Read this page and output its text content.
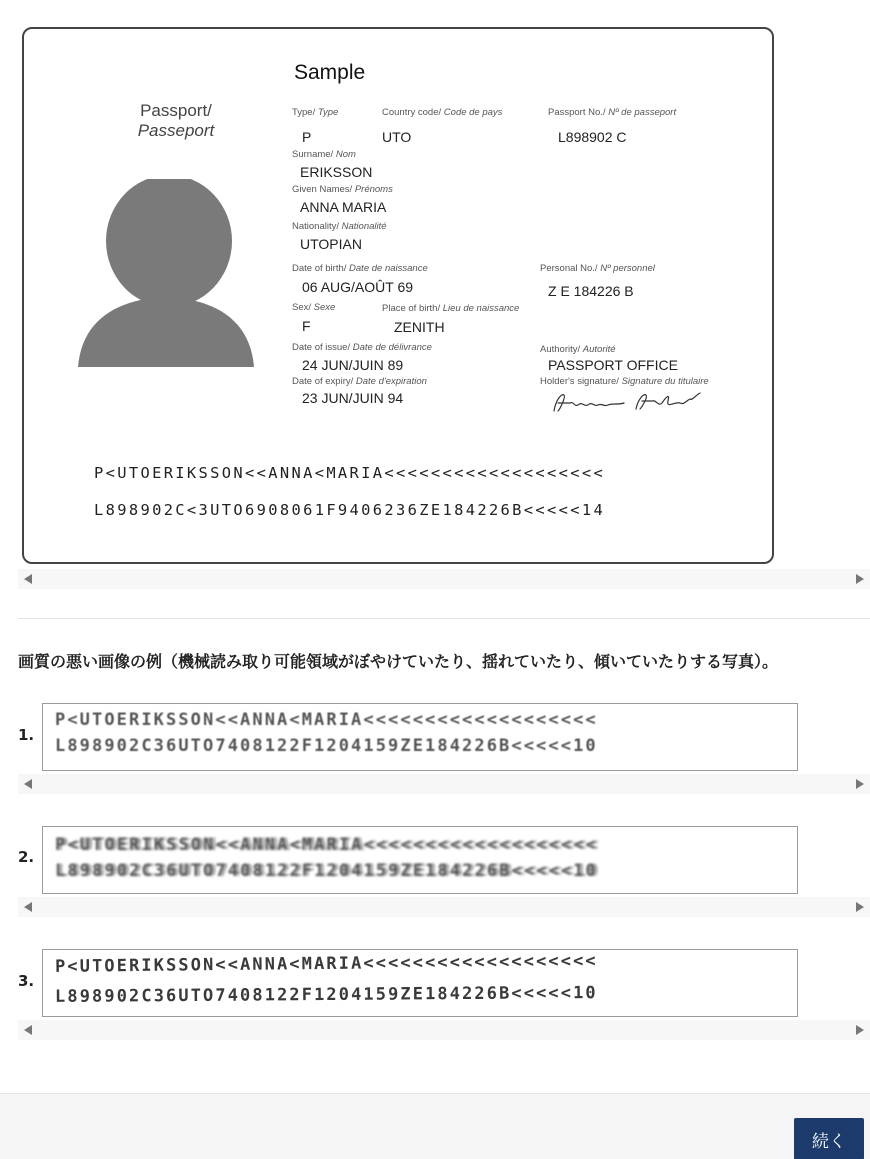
Sample
Passport/
Passeport
Type/ Type
P
Country code/ Code de pays
UTO
Passport No./ Nº de passeport
L898902 C
Surname/ Nom
ERIKSSON
Given Names/ Prénoms
ANNA MARIA
Nationality/ Nationalité
UTOPIAN
Date of birth/ Date de naissance
06 AUG/AOÛT 69
Personal No./ Nº personnel
Z E 184226 B
Sex/ Sexe
F
Place of birth/ Lieu de naissance
ZENITH
Date of issue/ Date de délivrance
24 JUN/JUIN 89
Authority/ Autorité
PASSPORT OFFICE
Date of expiry/ Date d'expiration
23 JUN/JUIN 94
Holder's signature/ Signature du titulaire
P<UTOERIKSSON<<ANNA<MARIA<<<<<<<<<<<<<<<<<<<
L898902C<3UTO6908061F9406236ZE184226B<<<<<14
画質の悪い画像の例（機械読み取り可能領域がぼやけていたり、揺れていたり、傾いていたりする写真）。
1.
P<UTOERIKSSON<<ANNA<MARIA<<<<<<<<<<<<<<<<<<<
L898902C36UTO7408122F1204159ZE184226B<<<<<10
2.
P<UTOERIKSSON<<ANNA<MARIA<<<<<<<<<<<<<<<<<<<
L898902C36UTO7408122F1204159ZE184226B<<<<<10
3.
P<UTOERIKSSON<<ANNA<MARIA<<<<<<<<<<<<<<<<<<<
L898902C36UTO7408122F1204159ZE184226B<<<<<10
続く
